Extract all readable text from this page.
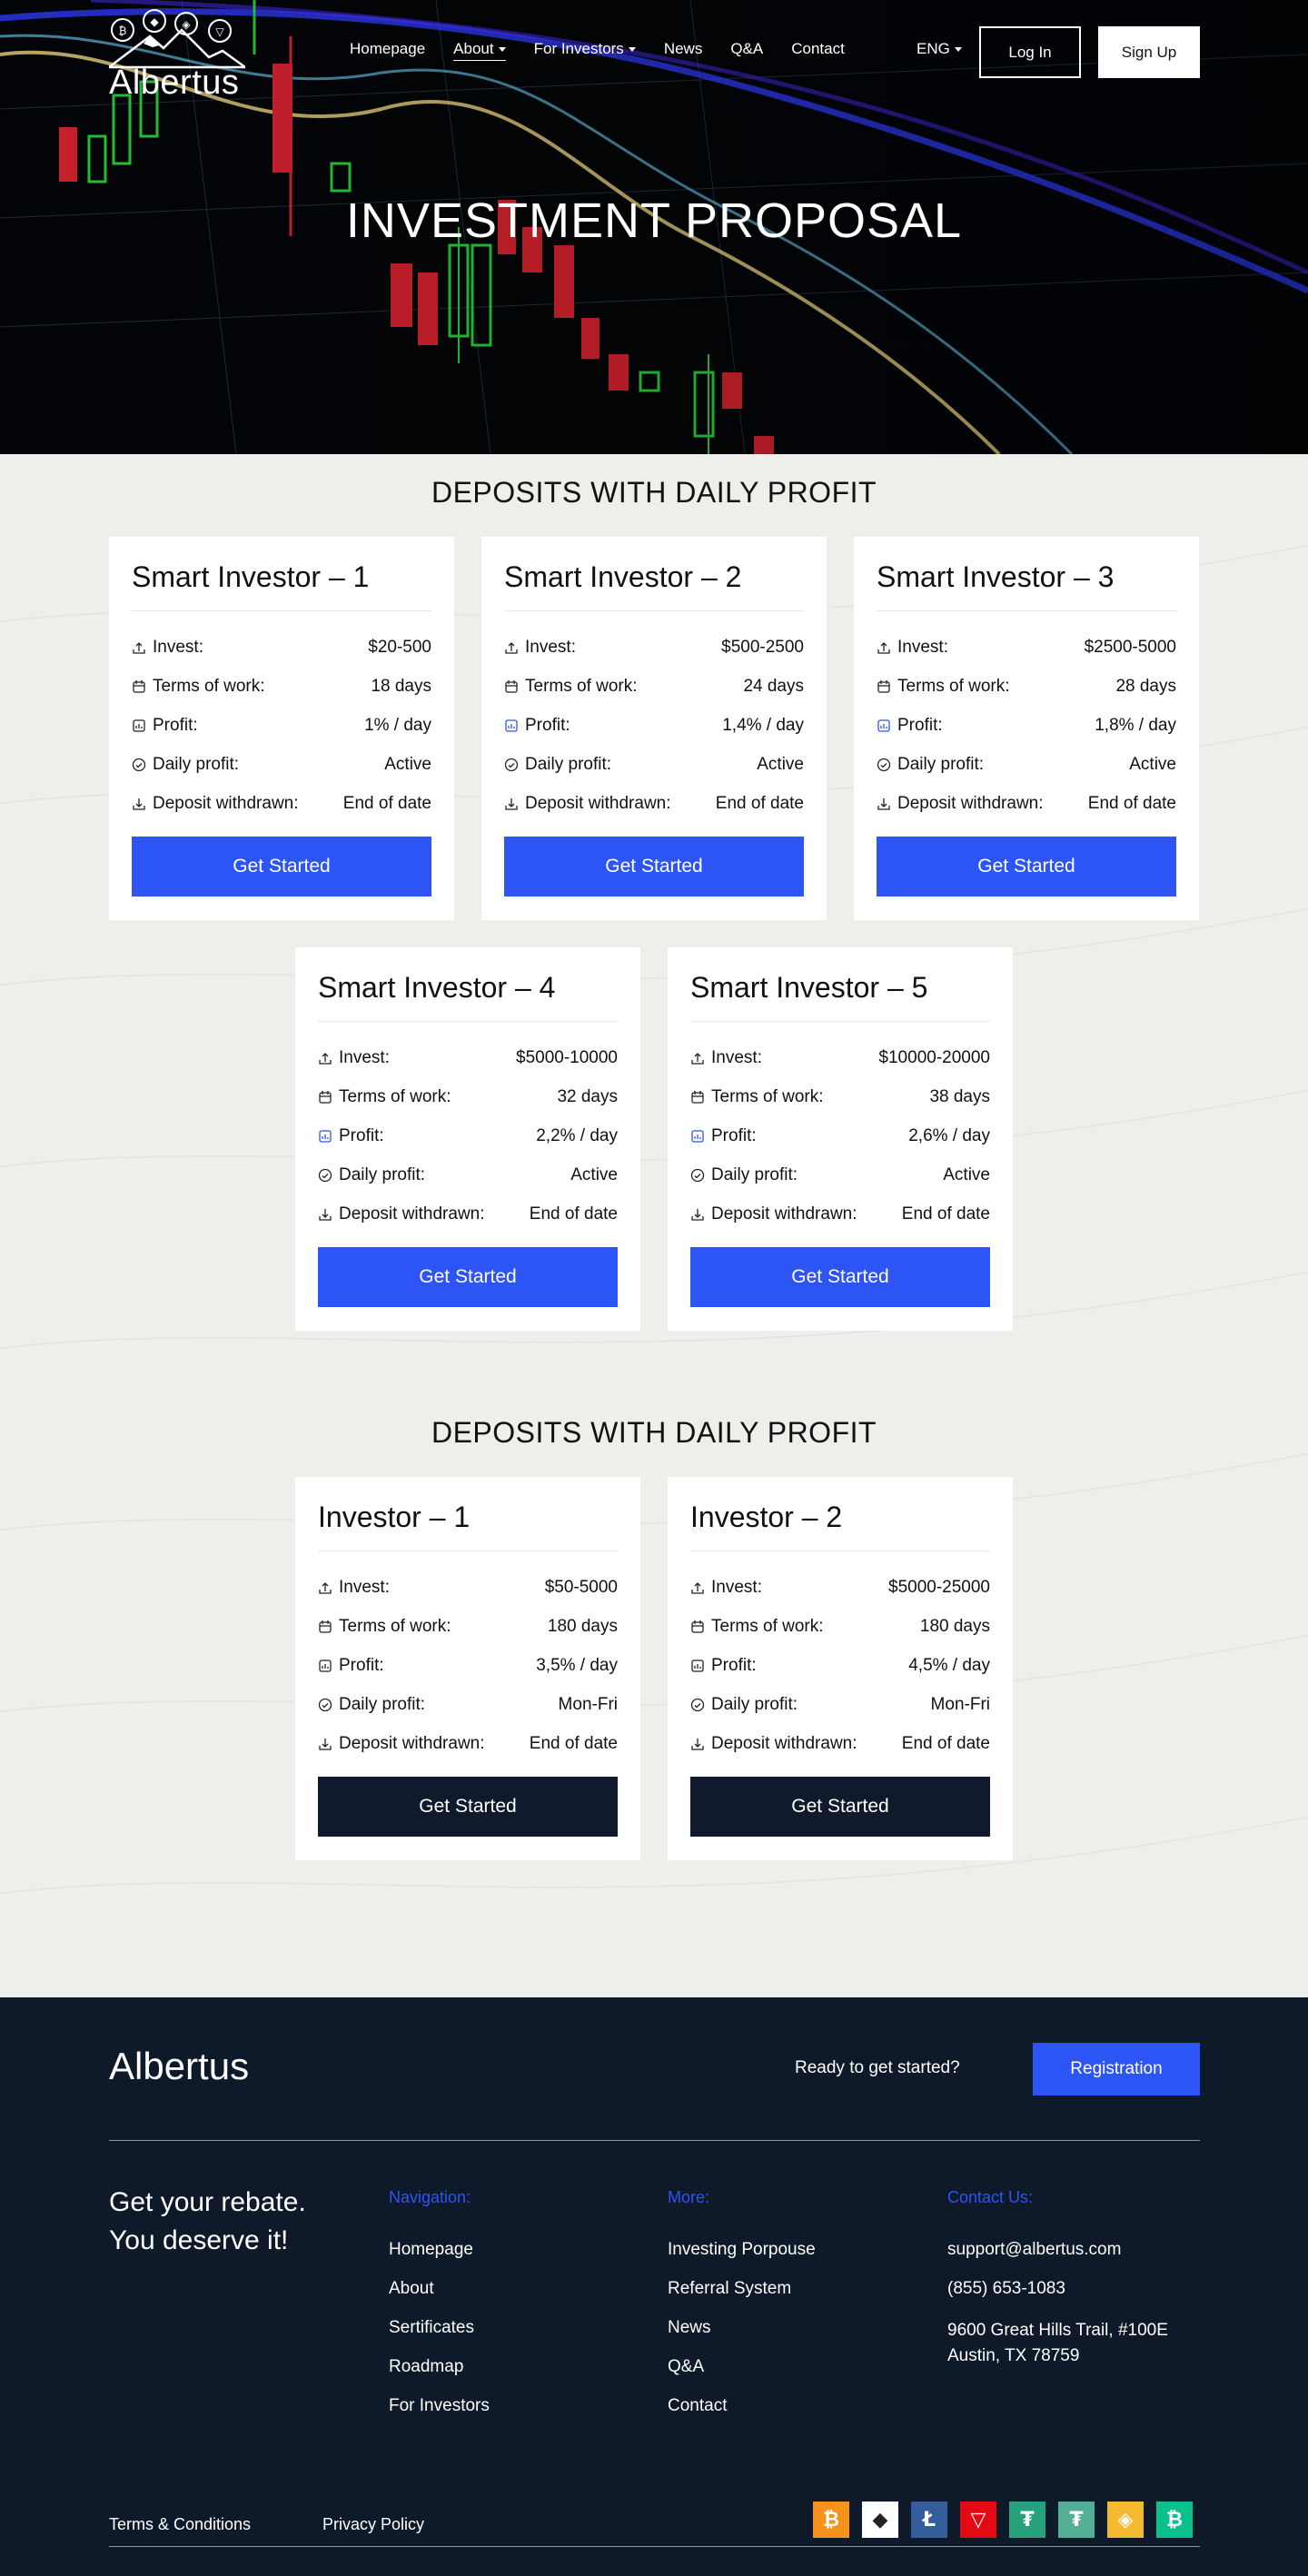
₿
◆ ◈
▽
Albertus
Homepage About	For Investors	News Q&A Contact	ENG	Log In	Sign Up
INVESTMENT PROPOSAL
DEPOSITS WITH DAILY PROFIT
Smart Investor – 1
Invest:	$20-500
Terms of work:	18 days
Profit:	1% / day
Daily profit:	Active
Deposit withdrawn:	End of date
Get Started
Smart Investor – 2
Invest:	$500-2500
Terms of work:	24 days
Profit:	1,4% / day
Daily profit:	Active
Deposit withdrawn:	End of date
Get Started
Smart Investor – 3
Invest:	$2500-5000
Terms of work:	28 days
Profit:	1,8% / day
Daily profit:	Active
Deposit withdrawn:	End of date
Get Started
Smart Investor – 4
Invest:	$5000-10000
Terms of work:	32 days
Profit:	2,2% / day
Daily profit:	Active
Deposit withdrawn:	End of date
Get Started
Smart Investor – 5
Invest:	$10000-20000
Terms of work:	38 days
Profit:	2,6% / day
Daily profit:	Active
Deposit withdrawn:	End of date
Get Started
DEPOSITS WITH DAILY PROFIT
Investor – 1
Invest:	$50-5000
Terms of work:	180 days
Profit:	3,5% / day
Daily profit:	Mon-Fri
Deposit withdrawn:	End of date
Get Started
Investor – 2
Invest:	$5000-25000
Terms of work:	180 days
Profit:	4,5% / day
Daily profit:	Mon-Fri
Deposit withdrawn:	End of date
Get Started
Albertus	Ready to get started?	Registration
Get your rebate.
You deserve it!
Navigation:
Homepage
About
Sertificates
Roadmap
For Investors
More:
Investing Porpouse
Referral System
News
Q&A
Contact
Contact Us:
support@albertus.com
(855) 653-1083
9600 Great Hills Trail, #100E
Austin, TX 78759
Terms & Conditions	Privacy Policy	₿	◆	Ł	▽	₮	₮	◈	₿
